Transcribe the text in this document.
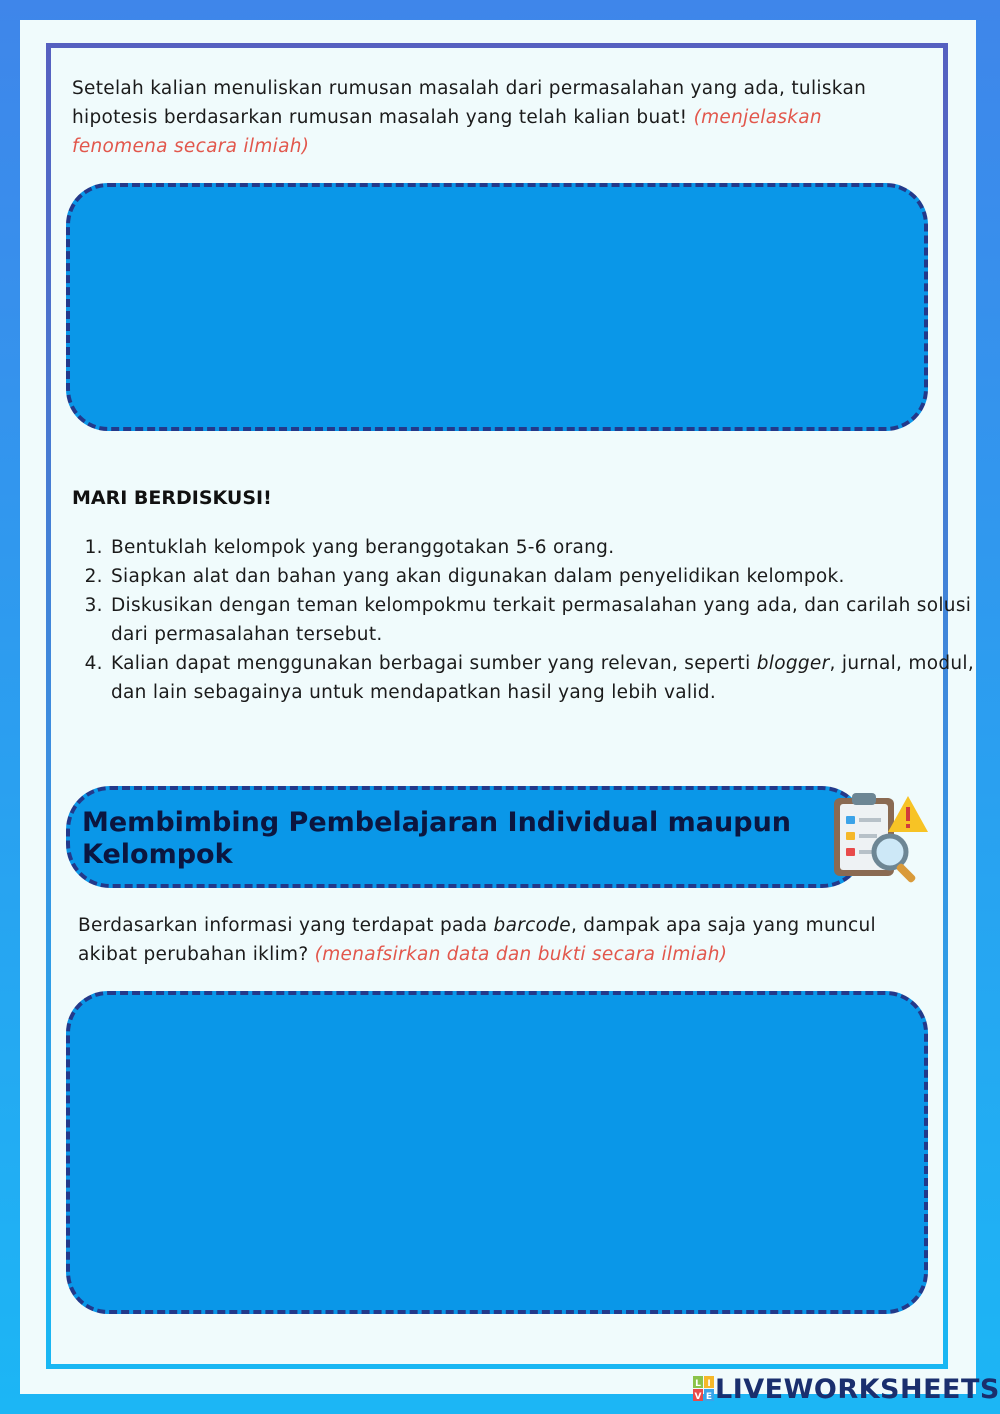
Setelah kalian menuliskan rumusan masalah dari permasalahan yang ada, tuliskan hipotesis berdasarkan rumusan masalah yang telah kalian buat! (menjelaskan fenomena secara ilmiah)
MARI BERDISKUSI!
1. Bentuklah kelompok yang beranggotakan 5-6 orang.
2. Siapkan alat dan bahan yang akan digunakan dalam penyelidikan kelompok.
3. Diskusikan dengan teman kelompokmu terkait permasalahan yang ada, dan carilah solusi dari permasalahan tersebut.
4. Kalian dapat menggunakan berbagai sumber yang relevan, seperti blogger, jurnal, modul, dan lain sebagainya untuk mendapatkan hasil yang lebih valid.
Membimbing Pembelajaran Individual maupun Kelompok
Berdasarkan informasi yang terdapat pada barcode, dampak apa saja yang muncul akibat perubahan iklim? (menafsirkan data dan bukti secara ilmiah)
L I
V E LIVEWORKSHEETS
